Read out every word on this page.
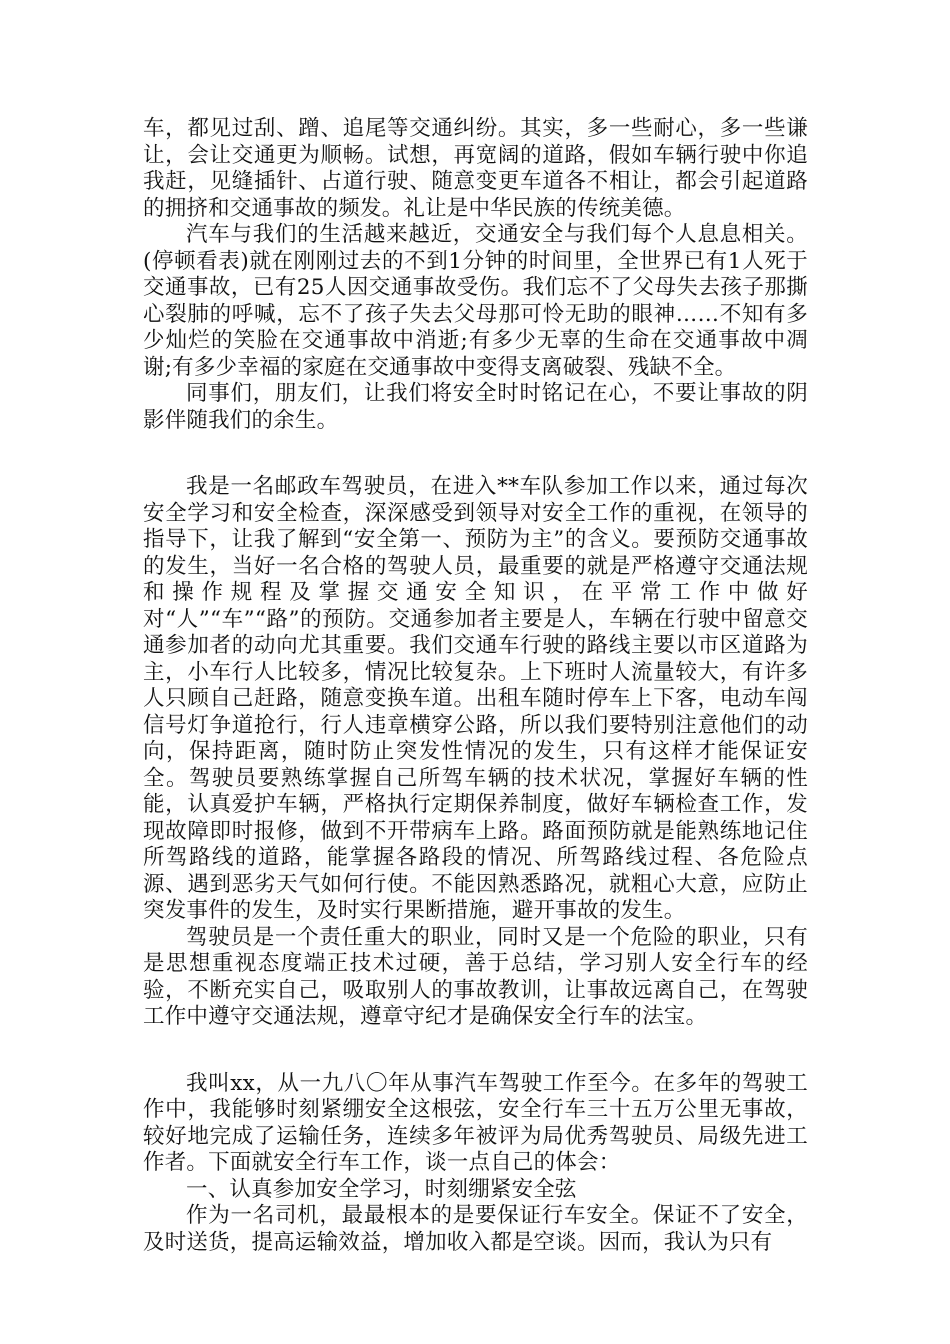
车，都见过刮、蹭、追尾等交通纠纷。其实，多一些耐心，多一些谦让，会让交通更为顺畅。试想，再宽阔的道路，假如车辆行驶中你追我赶，见缝插针、占道行驶、随意变更车道各不相让，都会引起道路的拥挤和交通事故的频发。礼让是中华民族的传统美德。

汽车与我们的生活越来越近，交通安全与我们每个人息息相关。(停顿看表)就在刚刚过去的不到1分钟的时间里，全世界已有1人死于交通事故，已有25人因交通事故受伤。我们忘不了父母失去孩子那撕心裂肺的呼喊，忘不了孩子失去父母那可怜无助的眼神……不知有多少灿烂的笑脸在交通事故中消逝;有多少无辜的生命在交通事故中凋谢;有多少幸福的家庭在交通事故中变得支离破裂、残缺不全。

同事们，朋友们，让我们将安全时时铭记在心，不要让事故的阴影伴随我们的余生。

我是一名邮政车驾驶员，在进入**车队参加工作以来，通过每次安全学习和安全检查，深深感受到领导对安全工作的重视，在领导的指导下，让我了解到“安全第一、预防为主”的含义。要预防交通事故的发生，当好一名合格的驾驶人员，最重要的就是严格遵守交通法规和操作规程及掌握交通安全知识，在平常工作中做好对“人”“车”“路”的预防。交通参加者主要是人，车辆在行驶中留意交通参加者的动向尤其重要。我们交通车行驶的路线主要以市区道路为主，小车行人比较多，情况比较复杂。上下班时人流量较大，有许多人只顾自己赶路，随意变换车道。出租车随时停车上下客，电动车闯信号灯争道抢行，行人违章横穿公路，所以我们要特别注意他们的动向，保持距离，随时防止突发性情况的发生，只有这样才能保证安全。驾驶员要熟练掌握自己所驾车辆的技术状况，掌握好车辆的性能，认真爱护车辆，严格执行定期保养制度，做好车辆检查工作，发现故障即时报修，做到不开带病车上路。路面预防就是能熟练地记住所驾路线的道路，能掌握各路段的情况、所驾路线过程、各危险点源、遇到恶劣天气如何行使。不能因熟悉路况，就粗心大意，应防止突发事件的发生，及时实行果断措施，避开事故的发生。

驾驶员是一个责任重大的职业，同时又是一个危险的职业，只有是思想重视态度端正技术过硬，善于总结，学习别人安全行车的经验，不断充实自己，吸取别人的事故教训，让事故远离自己，在驾驶工作中遵守交通法规，遵章守纪才是确保安全行车的法宝。

我叫xx，从一九八〇年从事汽车驾驶工作至今。在多年的驾驶工作中，我能够时刻紧绷安全这根弦，安全行车三十五万公里无事故，较好地完成了运输任务，连续多年被评为局优秀驾驶员、局级先进工作者。下面就安全行车工作，谈一点自己的体会：

一、认真参加安全学习，时刻绷紧安全弦

作为一名司机，最最根本的是要保证行车安全。保证不了安全，及时送货，提高运输效益，增加收入都是空谈。因而，我认为只有
